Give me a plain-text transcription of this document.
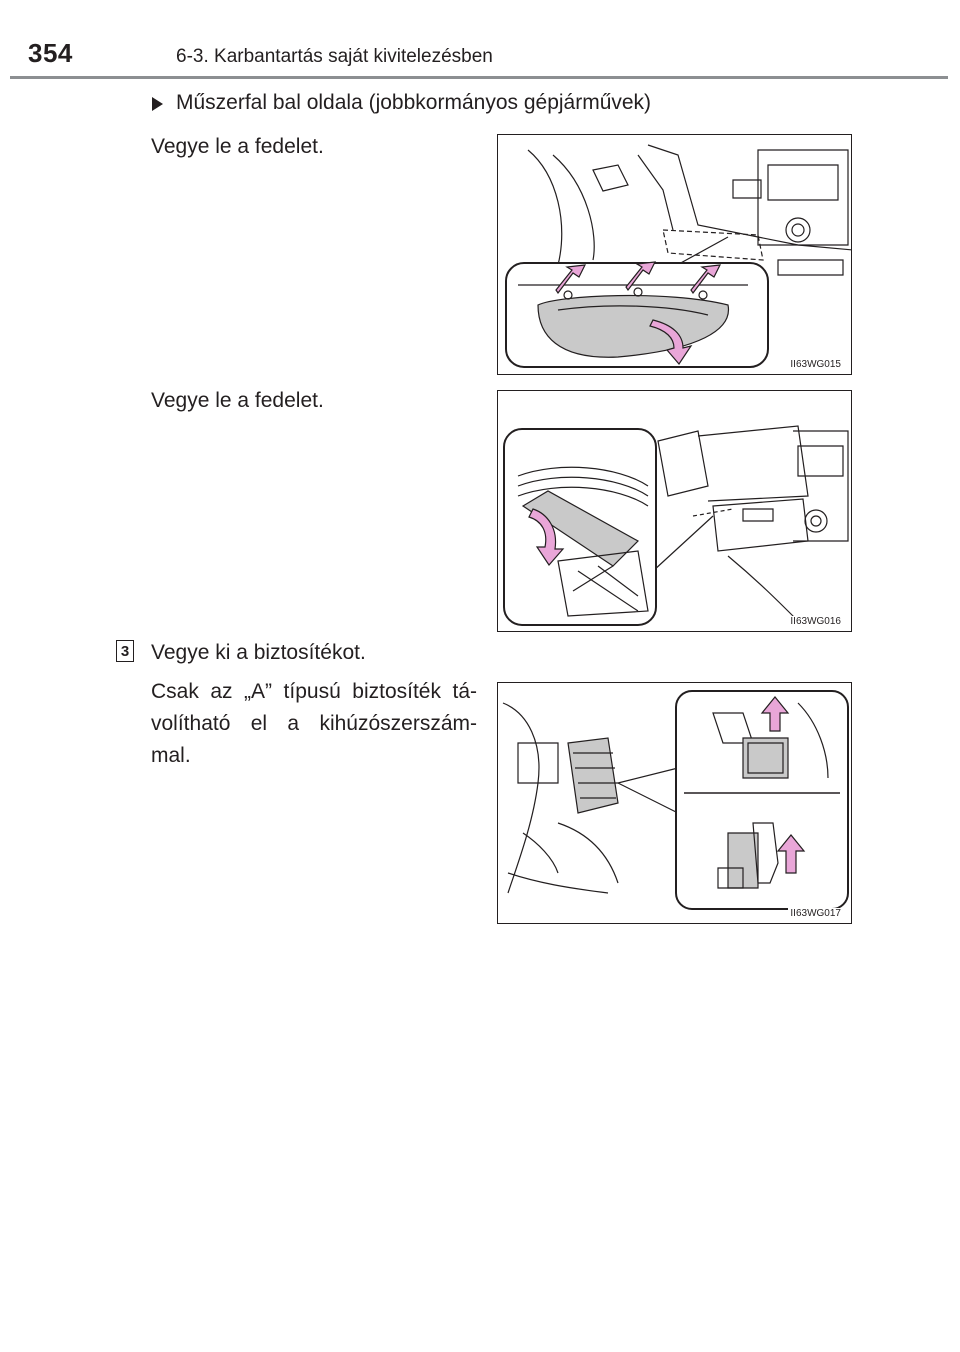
354	6-3. Karbantartás saját kivitelezésben
Műszerfal bal oldala (jobbkormányos gépjárművek)
Vegye le a fedelet.
II63WG015
Vegye le a fedelet.
II63WG016
3 Vegye ki a biztosítékot.
Csak az „A” típusú biztosíték tá-
volítható el a kihúzószerszám-
mal.
II63WG017
